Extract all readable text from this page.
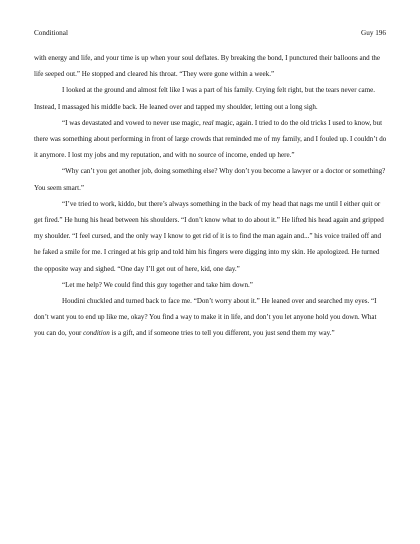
Conditional	Guy 196

with energy and life, and your time is up when your soul deflates. By breaking the bond, I punctured their balloons and the life seeped out.” He stopped and cleared his throat. “They were gone within a week.”

I looked at the ground and almost felt like I was a part of his family. Crying felt right, but the tears never came. Instead, I massaged his middle back. He leaned over and tapped my shoulder, letting out a long sigh.

“I was devastated and vowed to never use magic, real magic, again. I tried to do the old tricks I used to know, but there was something about performing in front of large crowds that reminded me of my family, and I fouled up. I couldn’t do it anymore. I lost my jobs and my reputation, and with no source of income, ended up here.”

“Why can’t you get another job, doing something else? Why don’t you become a lawyer or a doctor or something? You seem smart.”

“I’ve tried to work, kiddo, but there’s always something in the back of my head that nags me until I either quit or get fired.” He hung his head between his shoulders. “I don’t know what to do about it.” He lifted his head again and gripped my shoulder. “I feel cursed, and the only way I know to get rid of it is to find the man again and...” his voice trailed off and he faked a smile for me. I cringed at his grip and told him his fingers were digging into my skin. He apologized. He turned the opposite way and sighed. “One day I’ll get out of here, kid, one day.”

“Let me help? We could find this guy together and take him down.”

Houdini chuckled and turned back to face me. “Don’t worry about it.” He leaned over and searched my eyes. “I don’t want you to end up like me, okay? You find a way to make it in life, and don’t you let anyone hold you down. What you can do, your condition is a gift, and if someone tries to tell you different, you just send them my way.”
